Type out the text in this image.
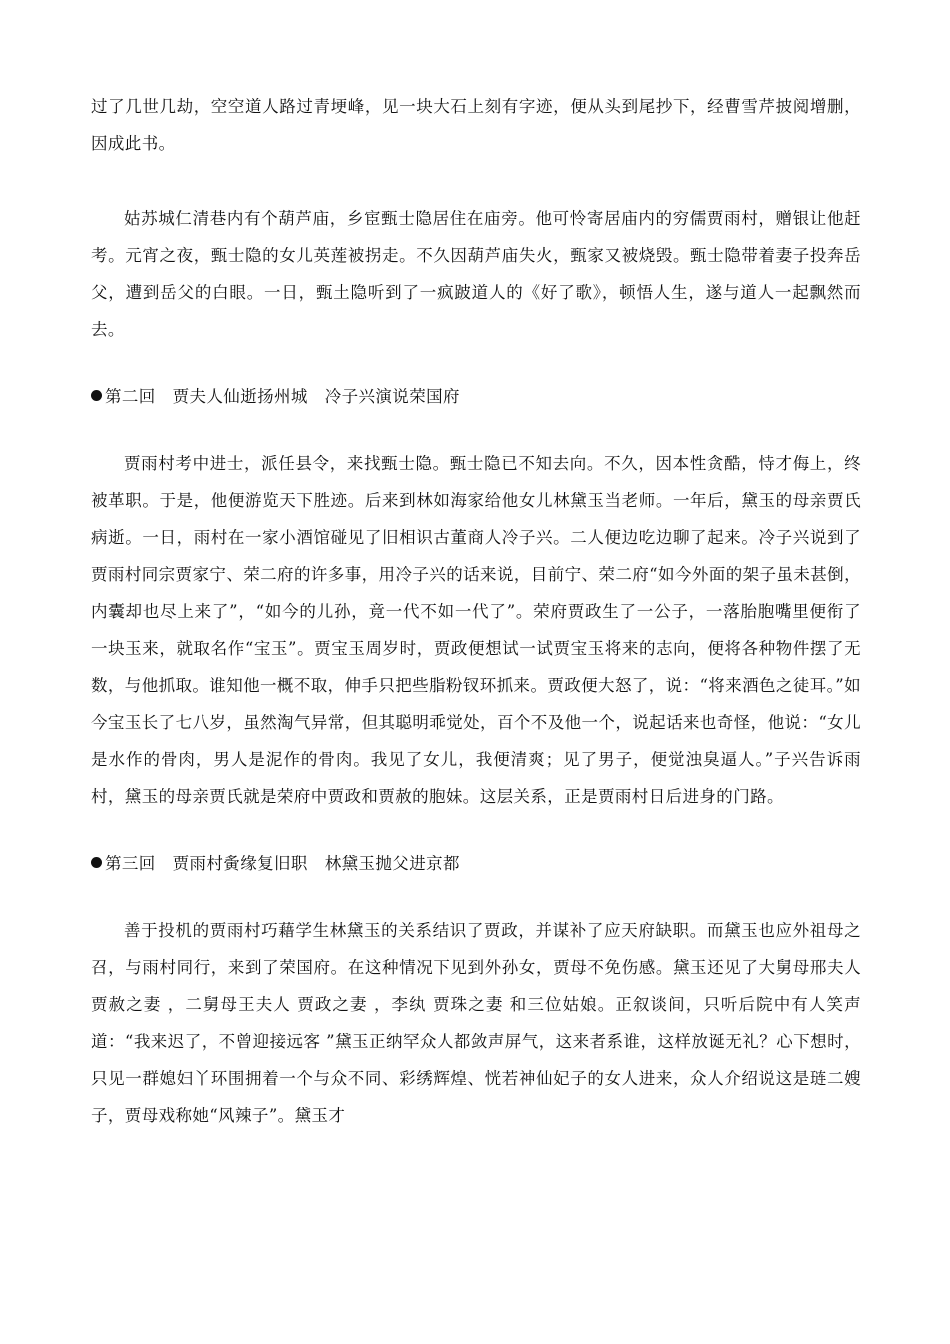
过了几世几劫，空空道人路过青埂峰，见一块大石上刻有字迹，便从头到尾抄下，经曹雪芹披阅增删，因成此书。

姑苏城仁清巷内有个葫芦庙，乡宦甄士隐居住在庙旁。他可怜寄居庙内的穷儒贾雨村，赠银让他赶考。元宵之夜，甄士隐的女儿英莲被拐走。不久因葫芦庙失火，甄家又被烧毁。甄士隐带着妻子投奔岳父，遭到岳父的白眼。一日，甄土隐听到了一疯跛道人的《好了歌》，顿悟人生，遂与道人一起飘然而去。

第二回　贾夫人仙逝扬州城　冷子兴演说荣国府

贾雨村考中进士，派任县令，来找甄士隐。甄士隐已不知去向。不久，因本性贪酷，恃才侮上，终被革职。于是，他便游览天下胜迹。后来到林如海家给他女儿林黛玉当老师。一年后，黛玉的母亲贾氏病逝。一日，雨村在一家小酒馆碰见了旧相识古董商人冷子兴。二人便边吃边聊了起来。冷子兴说到了贾雨村同宗贾家宁、荣二府的许多事，用冷子兴的话来说，目前宁、荣二府“如今外面的架子虽未甚倒，内囊却也尽上来了”，“如今的儿孙，竟一代不如一代了”。荣府贾政生了一公子，一落胎胞嘴里便衔了一块玉来，就取名作“宝玉”。贾宝玉周岁时，贾政便想试一试贾宝玉将来的志向，便将各种物件摆了无数，与他抓取。谁知他一概不取，伸手只把些脂粉钗环抓来。贾政便大怒了，说：“将来酒色之徒耳。”如今宝玉长了七八岁，虽然淘气异常，但其聪明乖觉处，百个不及他一个，说起话来也奇怪，他说：“女儿是水作的骨肉，男人是泥作的骨肉。我见了女儿，我便清爽；见了男子，便觉浊臭逼人。”子兴告诉雨村，黛玉的母亲贾氏就是荣府中贾政和贾赦的胞妹。这层关系，正是贾雨村日后进身的门路。

第三回　贾雨村夤缘复旧职　林黛玉抛父进京都

善于投机的贾雨村巧藉学生林黛玉的关系结识了贾政，并谋补了应天府缺职。而黛玉也应外祖母之召，与雨村同行，来到了荣国府。在这种情况下见到外孙女，贾母不免伤感。黛玉还见了大舅母邢夫人 贾赦之妻 ，二舅母王夫人 贾政之妻 ，李纨 贾珠之妻 和三位姑娘。正叙谈间，只听后院中有人笑声道：“我来迟了，不曾迎接远客 ”黛玉正纳罕众人都敛声屏气，这来者系谁，这样放诞无礼？心下想时，只见一群媳妇丫环围拥着一个与众不同、彩绣辉煌、恍若神仙妃子的女人进来，众人介绍说这是琏二嫂子，贾母戏称她“风辣子”。黛玉才
